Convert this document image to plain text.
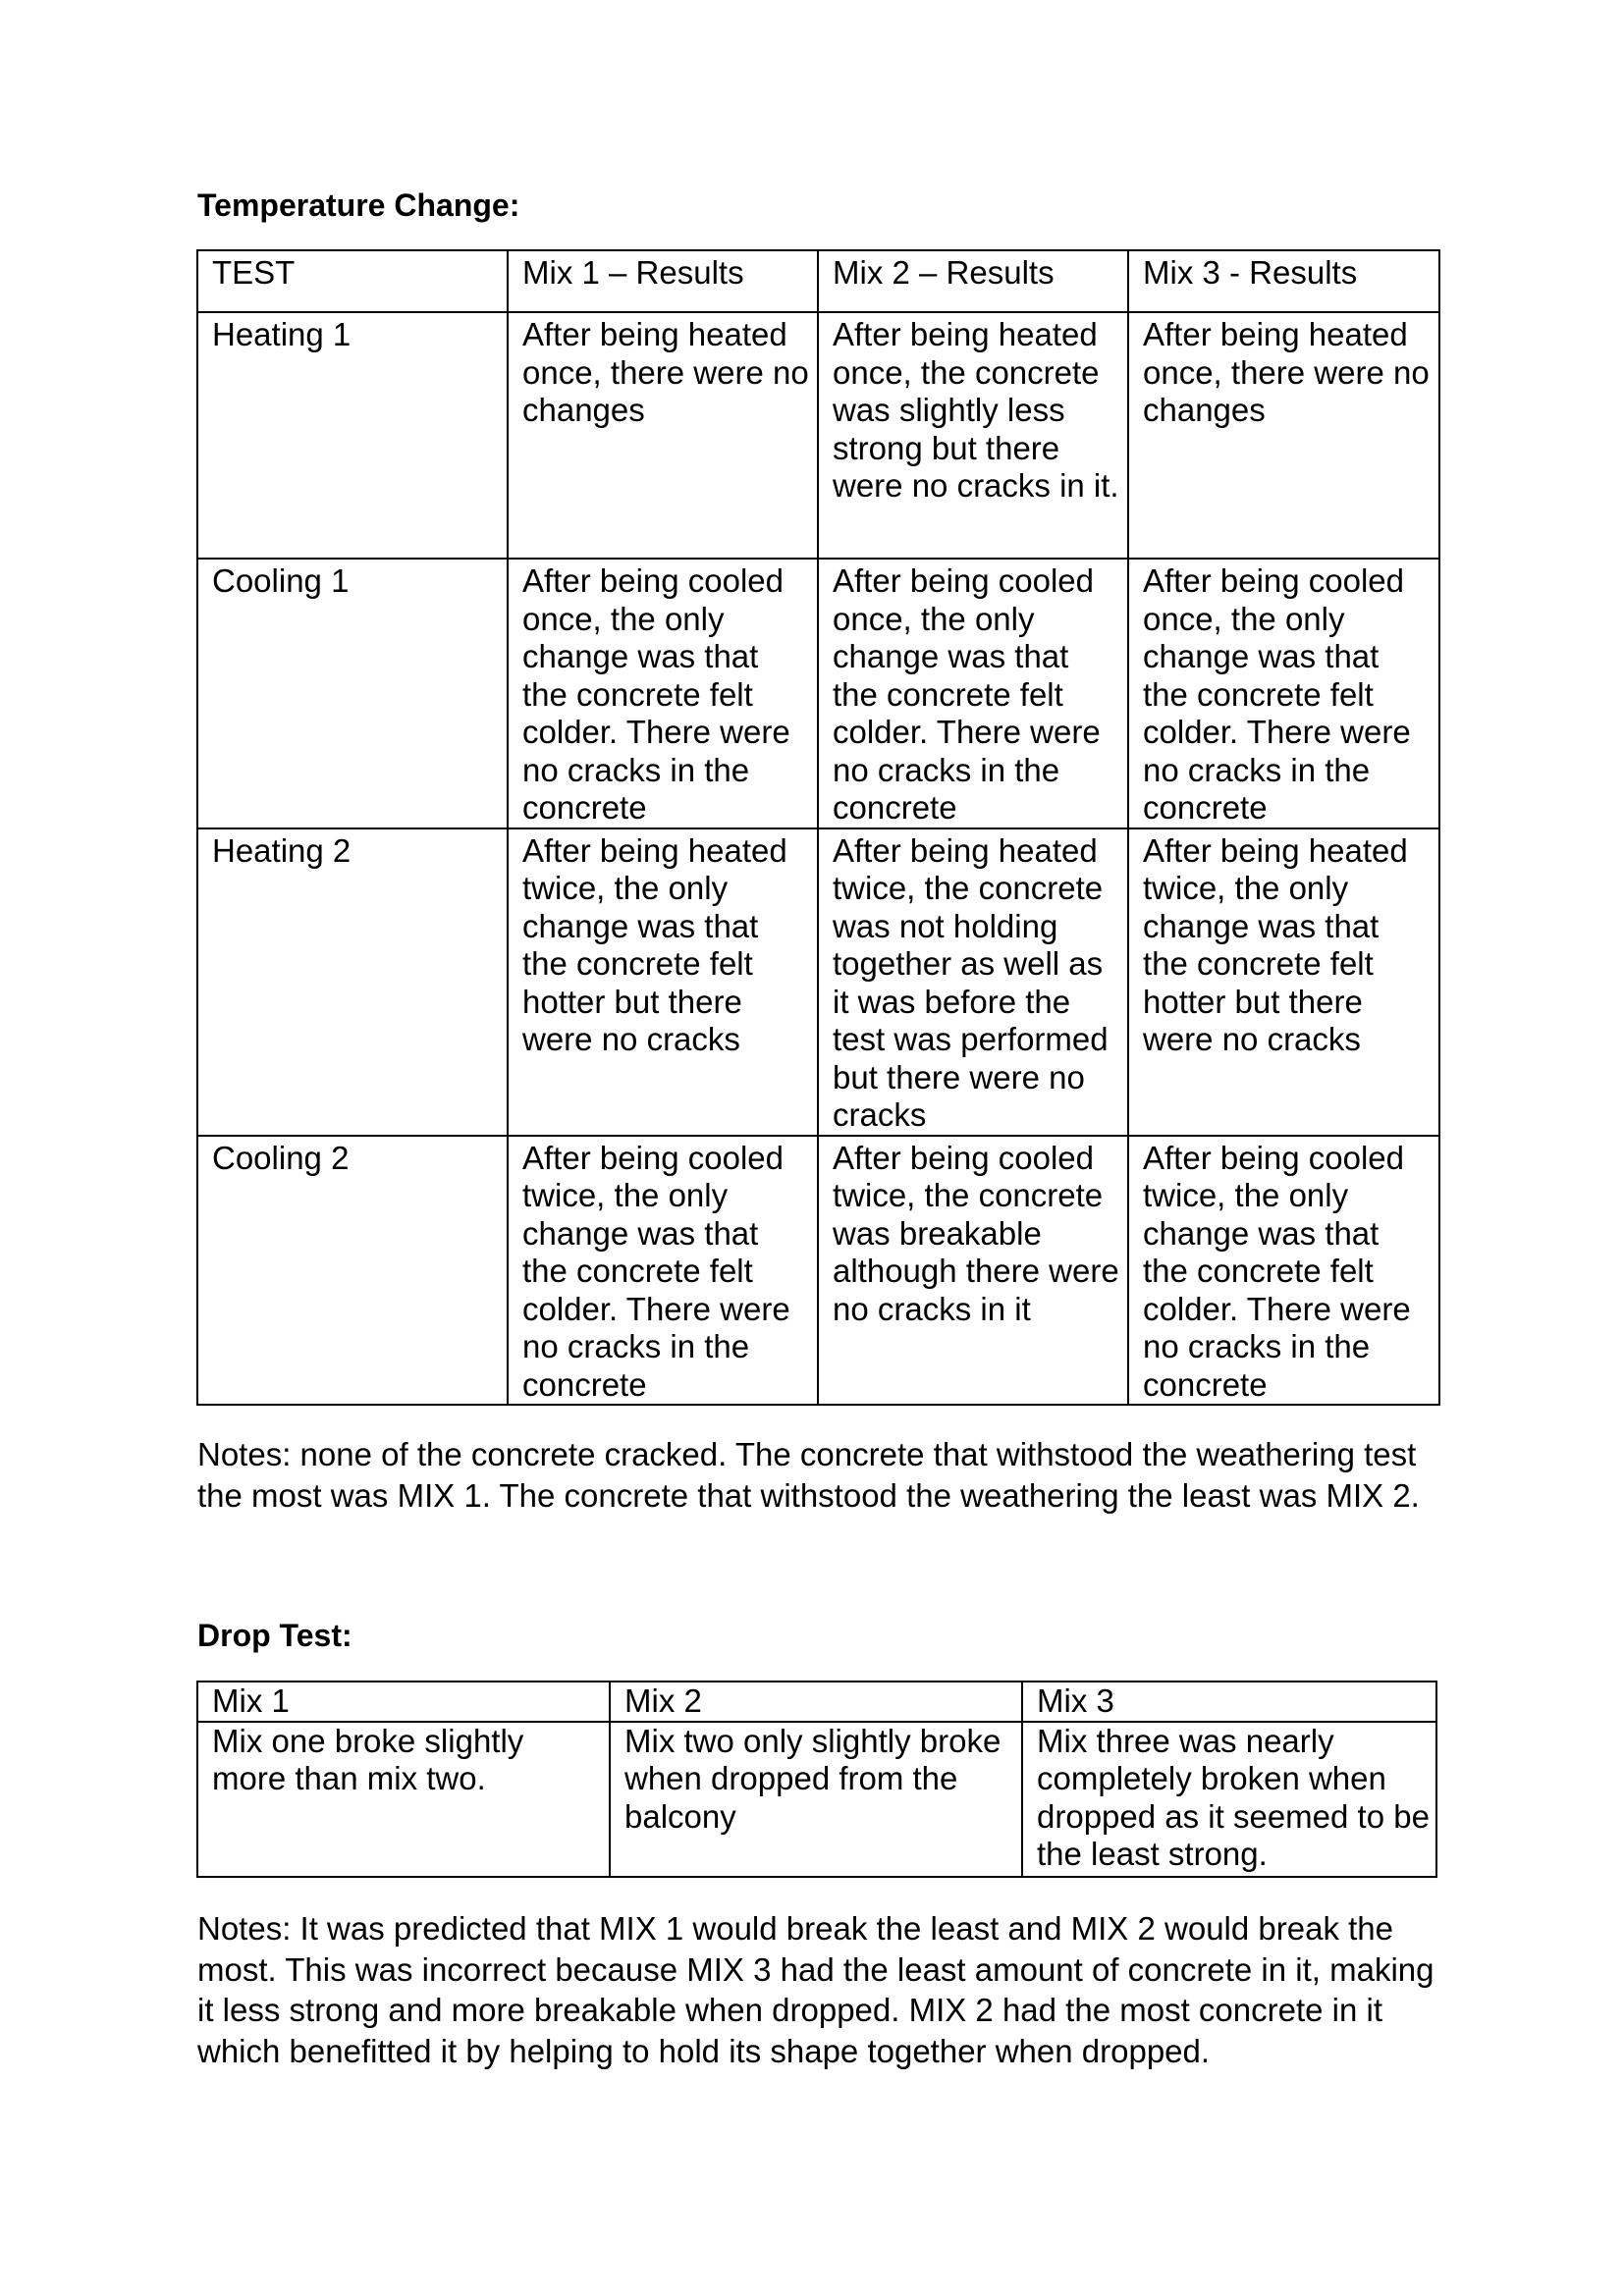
Temperature Change:
TEST	Mix 1 – Results	Mix 2 – Results	Mix 3 - Results
Heating 1	After being heated once, there were no changes	After being heated once, the concrete was slightly less strong but there were no cracks in it.	After being heated once, there were no changes
Cooling 1	After being cooled once, the only change was that the concrete felt colder. There were no cracks in the concrete	After being cooled once, the only change was that the concrete felt colder. There were no cracks in the concrete	After being cooled once, the only change was that the concrete felt colder. There were no cracks in the concrete
Heating 2	After being heated twice, the only change was that the concrete felt hotter but there were no cracks	After being heated twice, the concrete was not holding together as well as it was before the test was performed but there were no cracks	After being heated twice, the only change was that the concrete felt hotter but there were no cracks
Cooling 2	After being cooled twice, the only change was that the concrete felt colder. There were no cracks in the concrete	After being cooled twice, the concrete was breakable although there were no cracks in it	After being cooled twice, the only change was that the concrete felt colder. There were no cracks in the concrete

Notes: none of the concrete cracked. The concrete that withstood the weathering test the most was MIX 1. The concrete that withstood the weathering the least was MIX 2.

Drop Test:
Mix 1	Mix 2	Mix 3
Mix one broke slightly more than mix two.	Mix two only slightly broke when dropped from the balcony	Mix three was nearly completely broken when dropped as it seemed to be the least strong.

Notes: It was predicted that MIX 1 would break the least and MIX 2 would break the most. This was incorrect because MIX 3 had the least amount of concrete in it, making it less strong and more breakable when dropped. MIX 2 had the most concrete in it which benefitted it by helping to hold its shape together when dropped.
